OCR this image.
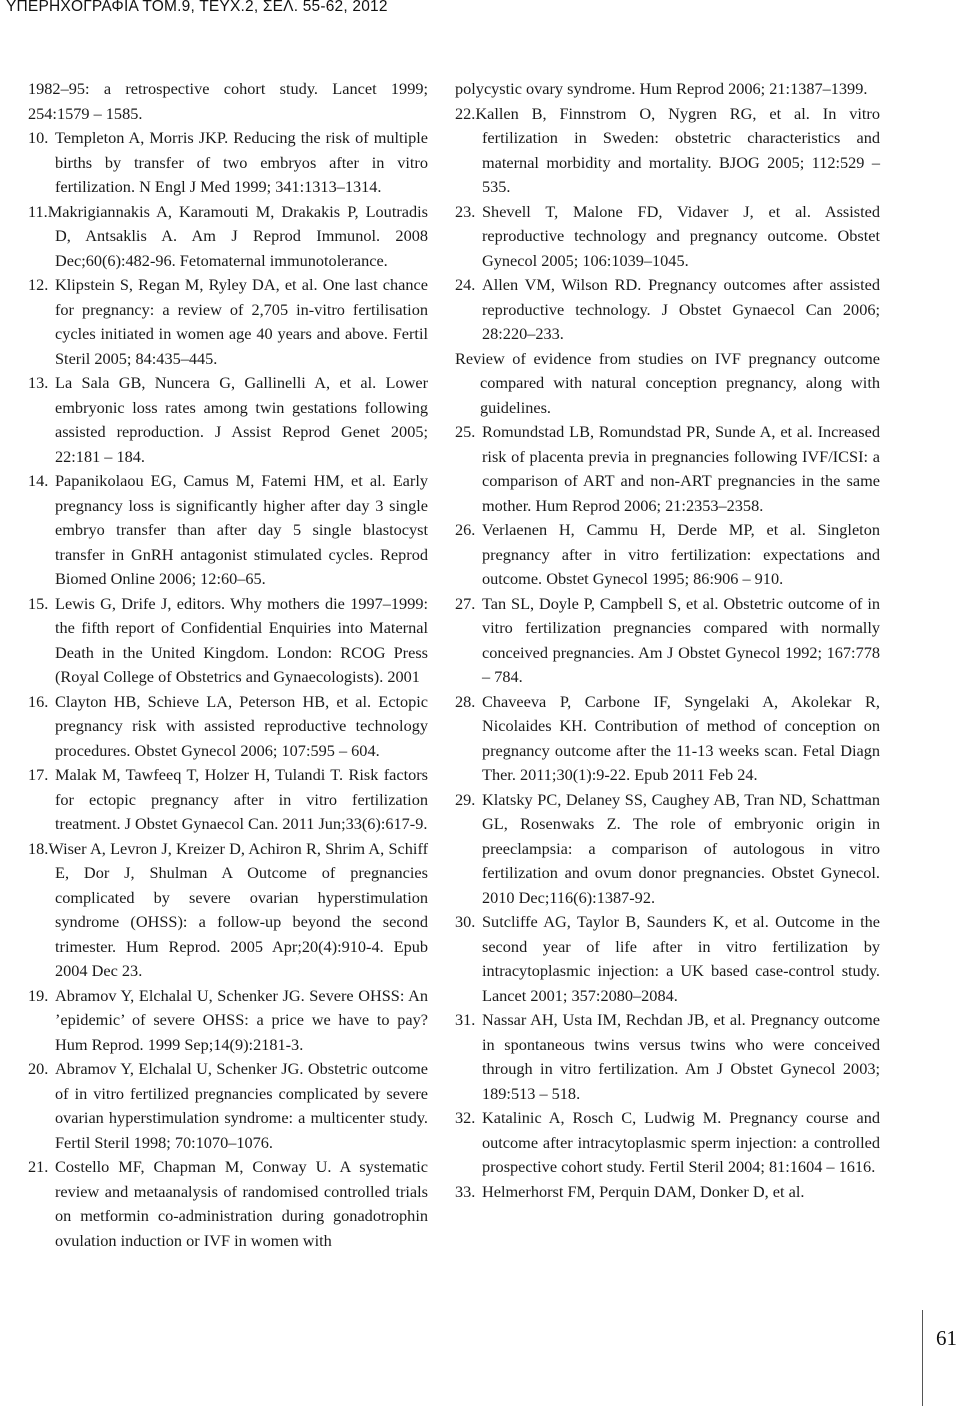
ΥΠΕΡΗΧΟΓΡΑΦΙΑ ΤΟΜ.9, ΤΕΥΧ.2, ΣΕΛ. 55-62, 2012

1982–95: a retrospective cohort study. Lancet 1999; 254:1579 – 1585.

10. Templeton A, Morris JKP. Reducing the risk of multiple births by transfer of two embryos after in vitro fertilization. N Engl J Med 1999; 341:1313–1314.

11.Makrigiannakis A, Karamouti M, Drakakis P, Loutradis D, Antsaklis A. Am J Reprod Immunol. 2008 Dec;60(6):482-96. Fetomaternal immunotolerance.

12. Klipstein S, Regan M, Ryley DA, et al. One last chance for pregnancy: a review of 2,705 in-vitro fertilisation cycles initiated in women age 40 years and above. Fertil Steril 2005; 84:435–445.

13. La Sala GB, Nuncera G, Gallinelli A, et al. Lower embryonic loss rates among twin gestations following assisted reproduction. J Assist Reprod Genet 2005; 22:181 – 184.

14. Papanikolaou EG, Camus M, Fatemi HM, et al. Early pregnancy loss is significantly higher after day 3 single embryo transfer than after day 5 single blastocyst transfer in GnRH antagonist stimulated cycles. Reprod Biomed Online 2006; 12:60–65.

15. Lewis G, Drife J, editors. Why mothers die 1997–1999: the fifth report of Confidential Enquiries into Maternal Death in the United Kingdom. London: RCOG Press (Royal College of Obstetrics and Gynaecologists). 2001

16. Clayton HB, Schieve LA, Peterson HB, et al. Ectopic pregnancy risk with assisted reproductive technology procedures. Obstet Gynecol 2006; 107:595 – 604.

17. Malak M, Tawfeeq T, Holzer H, Tulandi T. Risk factors for ectopic pregnancy after in vitro fertilization treatment. J Obstet Gynaecol Can. 2011 Jun;33(6):617-9.

18.Wiser A, Levron J, Kreizer D, Achiron R, Shrim A, Schiff E, Dor J, Shulman A Outcome of pregnancies complicated by severe ovarian hyperstimulation syndrome (OHSS): a follow-up beyond the second trimester. Hum Reprod. 2005 Apr;20(4):910-4. Epub 2004 Dec 23.

19. Abramov Y, Elchalal U, Schenker JG. Severe OHSS: An ’epidemic’ of severe OHSS: a price we have to pay? Hum Reprod. 1999 Sep;14(9):2181-3.

20. Abramov Y, Elchalal U, Schenker JG. Obstetric outcome of in vitro fertilized pregnancies complicated by severe ovarian hyperstimulation syndrome: a multicenter study. Fertil Steril 1998; 70:1070–1076.

21. Costello MF, Chapman M, Conway U. A systematic review and metaanalysis of randomised controlled trials on metformin co-administration during gonadotrophin ovulation induction or IVF in women with

polycystic ovary syndrome. Hum Reprod 2006; 21:1387–1399.

22.Kallen B, Finnstrom O, Nygren RG, et al. In vitro fertilization in Sweden: obstetric characteristics and maternal morbidity and mortality. BJOG 2005; 112:529 – 535.

23. Shevell T, Malone FD, Vidaver J, et al. Assisted reproductive technology and pregnancy outcome. Obstet Gynecol 2005; 106:1039–1045.

24. Allen VM, Wilson RD. Pregnancy outcomes after assisted reproductive technology. J Obstet Gynaecol Can 2006; 28:220–233.

Review of evidence from studies on IVF pregnancy outcome compared with natural conception pregnancy, along with guidelines.

25. Romundstad LB, Romundstad PR, Sunde A, et al. Increased risk of placenta previa in pregnancies following IVF/ICSI: a comparison of ART and non-ART pregnancies in the same mother. Hum Reprod 2006; 21:2353–2358.

26. Verlaenen H, Cammu H, Derde MP, et al. Singleton pregnancy after in vitro fertilization: expectations and outcome. Obstet Gynecol 1995; 86:906 – 910.

27. Tan SL, Doyle P, Campbell S, et al. Obstetric outcome of in vitro fertilization pregnancies compared with normally conceived pregnancies. Am J Obstet Gynecol 1992; 167:778 – 784.

28. Chaveeva P, Carbone IF, Syngelaki A, Akolekar R, Nicolaides KH. Contribution of method of conception on pregnancy outcome after the 11-13 weeks scan. Fetal Diagn Ther. 2011;30(1):9-22. Epub 2011 Feb 24.

29. Klatsky PC, Delaney SS, Caughey AB, Tran ND, Schattman GL, Rosenwaks Z. The role of embryonic origin in preeclampsia: a comparison of autologous in vitro fertilization and ovum donor pregnancies. Obstet Gynecol. 2010 Dec;116(6):1387-92.

30. Sutcliffe AG, Taylor B, Saunders K, et al. Outcome in the second year of life after in vitro fertilization by intracytoplasmic injection: a UK based case-control study. Lancet 2001; 357:2080–2084.

31. Nassar AH, Usta IM, Rechdan JB, et al. Pregnancy outcome in spontaneous twins versus twins who were conceived through in vitro fertilization. Am J Obstet Gynecol 2003; 189:513 – 518.

32. Katalinic A, Rosch C, Ludwig M. Pregnancy course and outcome after intracytoplasmic sperm injection: a controlled prospective cohort study. Fertil Steril 2004; 81:1604 – 1616.

33. Helmerhorst FM, Perquin DAM, Donker D, et al.

61
